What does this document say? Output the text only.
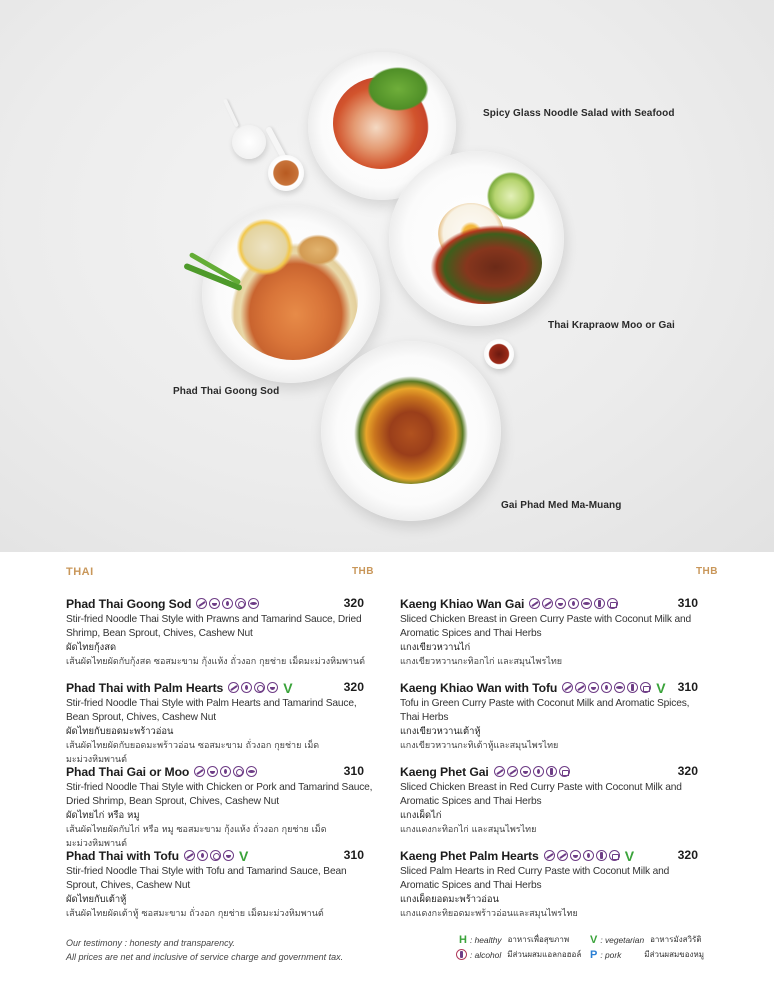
Spicy Glass Noodle Salad with Seafood
Thai Krapraow Moo or Gai
Phad Thai Goong Sod
Gai Phad Med Ma-Muang
THAI	THB
Phad Thai Goong Sod	320
Stir-fried Noodle Thai Style with Prawns and Tamarind Sauce, Dried Shrimp, Bean Sprout, Chives, Cashew Nut
ผัดไทยกุ้งสด
เส้นผัดไทยผัดกับกุ้งสด ซอสมะขาม กุ้งแห้ง ถั่วงอก กุยช่าย เม็ดมะม่วงหิมพานต์
Phad Thai with Palm Hearts	V	320
Stir-fried Noodle Thai Style with Palm Hearts and Tamarind Sauce, Bean Sprout, Chives, Cashew Nut
ผัดไทยกับยอดมะพร้าวอ่อน
เส้นผัดไทยผัดกับยอดมะพร้าวอ่อน ซอสมะขาม ถั่วงอก กุยช่าย เม็ดมะม่วงหิมพานต์
Phad Thai Gai or Moo	310
Stir-fried Noodle Thai Style with Chicken or Pork and Tamarind Sauce, Dried Shrimp, Bean Sprout, Chives, Cashew Nut
ผัดไทยไก่ หรือ หมู
เส้นผัดไทยผัดกับไก่ หรือ หมู ซอสมะขาม กุ้งแห้ง ถั่วงอก กุยช่าย เม็ดมะม่วงหิมพานต์
Phad Thai with Tofu	V	310
Stir-fried Noodle Thai Style with Tofu and Tamarind Sauce, Bean Sprout, Chives, Cashew Nut
ผัดไทยกับเต้าหู้
เส้นผัดไทยผัดเต้าหู้ ซอสมะขาม ถั่วงอก กุยช่าย เม็ดมะม่วงหิมพานต์
THB
Kaeng Khiao Wan Gai	310
Sliced Chicken Breast in Green Curry Paste with Coconut Milk and Aromatic Spices and Thai Herbs
แกงเขียวหวานไก่
แกงเขียวหวานกะทิอกไก่ และสมุนไพรไทย
Kaeng Khiao Wan with Tofu	V 310
Tofu in Green Curry Paste with Coconut Milk and Aromatic Spices, Thai Herbs
แกงเขียวหวานเต้าหู้
แกงเขียวหวานกะทิเต้าหู้และสมุนไพรไทย
Kaeng Phet Gai	320
Sliced Chicken Breast in Red Curry Paste with Coconut Milk and Aromatic Spices and Thai Herbs
แกงเผ็ดไก่
แกงแดงกะทิอกไก่ และสมุนไพรไทย
Kaeng Phet Palm Hearts	V	320
Sliced Palm Hearts in Red Curry Paste with Coconut Milk and Aromatic Spices and Thai Herbs
แกงเผ็ดยอดมะพร้าวอ่อน
แกงแดงกะทิยอดมะพร้าวอ่อนและสมุนไพรไทย
Our testimony : honesty and transparency.
All prices are net and inclusive of service charge and government tax.
H : healthy อาหารเพื่อสุขภาพ V : vegetarian อาหารมังสวิรัติ
: alcohol มีส่วนผสมแอลกอฮอล์ P : pork	มีส่วนผสมของหมู
